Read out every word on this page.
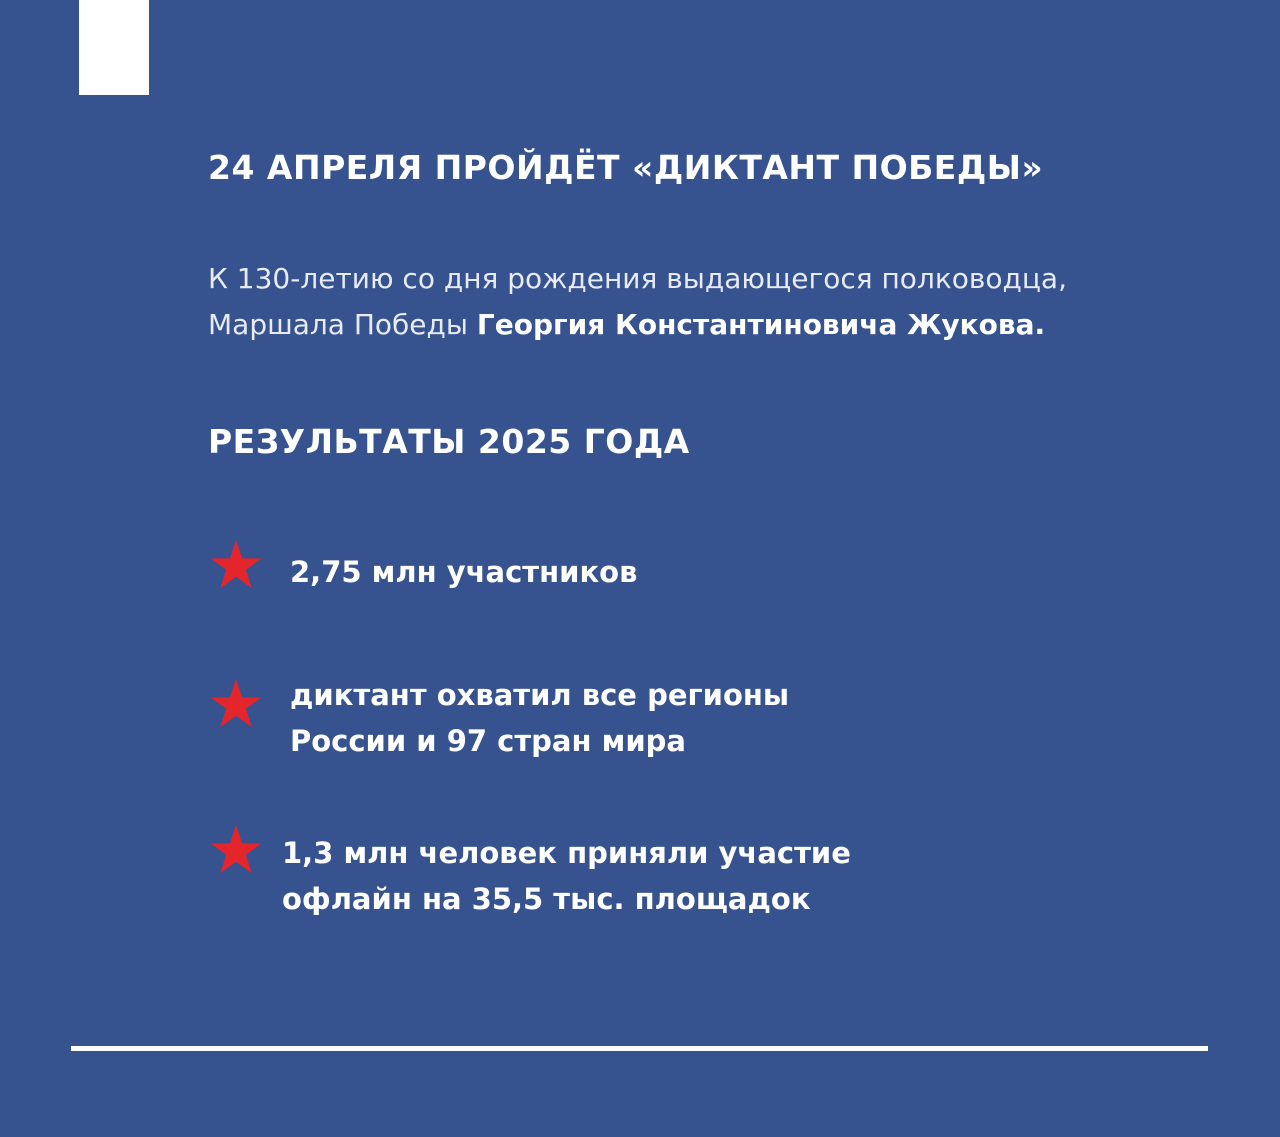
24 АПРЕЛЯ ПРОЙДЁТ «ДИКТАНТ ПОБЕДЫ»
К 130-летию со дня рождения выдающегося полководца,
Маршала Победы Георгия Константиновича Жукова.
РЕЗУЛЬТАТЫ 2025 ГОДА

2,75 млн участников

диктант охватил все регионы
России и 97 стран мира

1,3 млн человек приняли участие
офлайн на 35,5 тыс. площадок
